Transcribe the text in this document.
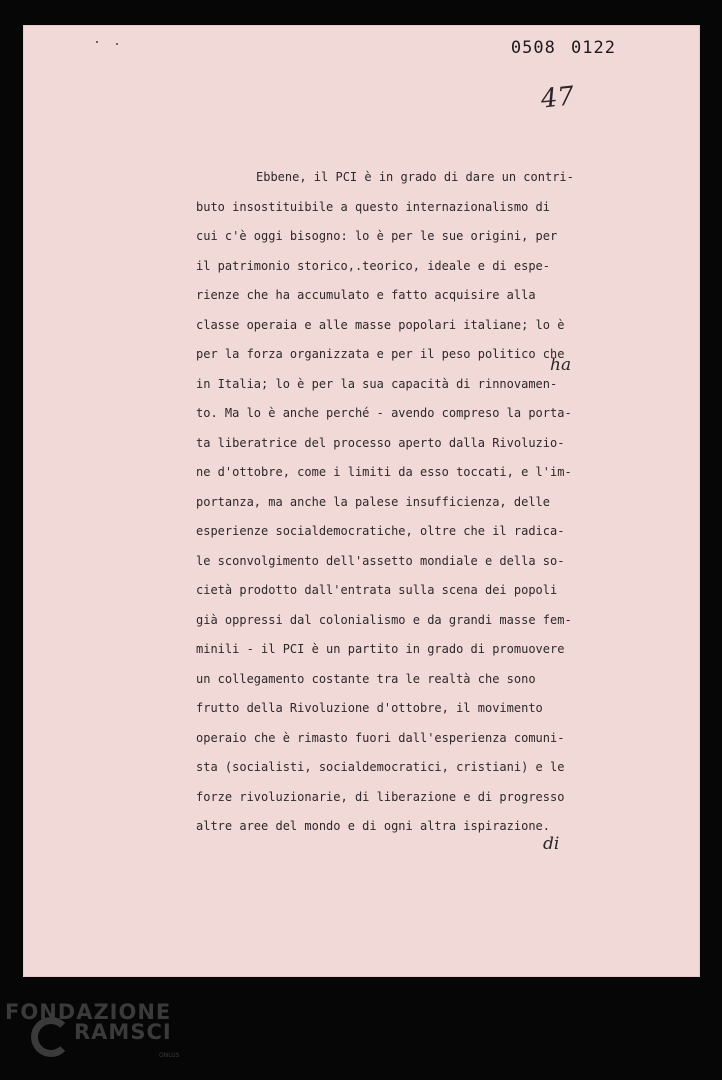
0508 0122

47

Ebbene, il PCI è in grado di dare un contri-
buto insostituibile a questo internazionalismo di
cui c'è oggi bisogno: lo è per le sue origini, per
il patrimonio storico,.teorico, ideale e di espe-
rienze che ha accumulato e fatto acquisire alla
classe operaia e alle masse popolari italiane; lo è
per la forza organizzata e per il peso politico che
in Italia; lo è per la sua capacità di rinnovamen-
to. Ma lo è anche perché - avendo compreso la porta-
ta liberatrice del processo aperto dalla Rivoluzio-
ne d'ottobre, come i limiti da esso toccati, e l'im-
portanza, ma anche la palese insufficienza, delle
esperienze socialdemocratiche, oltre che il radica-
le sconvolgimento dell'assetto mondiale e della so-
cietà prodotto dall'entrata sulla scena dei popoli
già oppressi dal colonialismo e da grandi masse fem-
minili - il PCI è un partito in grado di promuovere
un collegamento costante tra le realtà che sono
frutto della Rivoluzione d'ottobre, il movimento
operaio che è rimasto fuori dall'esperienza comuni-
sta (socialisti, socialdemocratici, cristiani) e le
forze rivoluzionarie, di liberazione e di progresso
altre aree del mondo e di ogni altra ispirazione.
ha
di
FONDAZIONE
RAMSCI
ONLUS
